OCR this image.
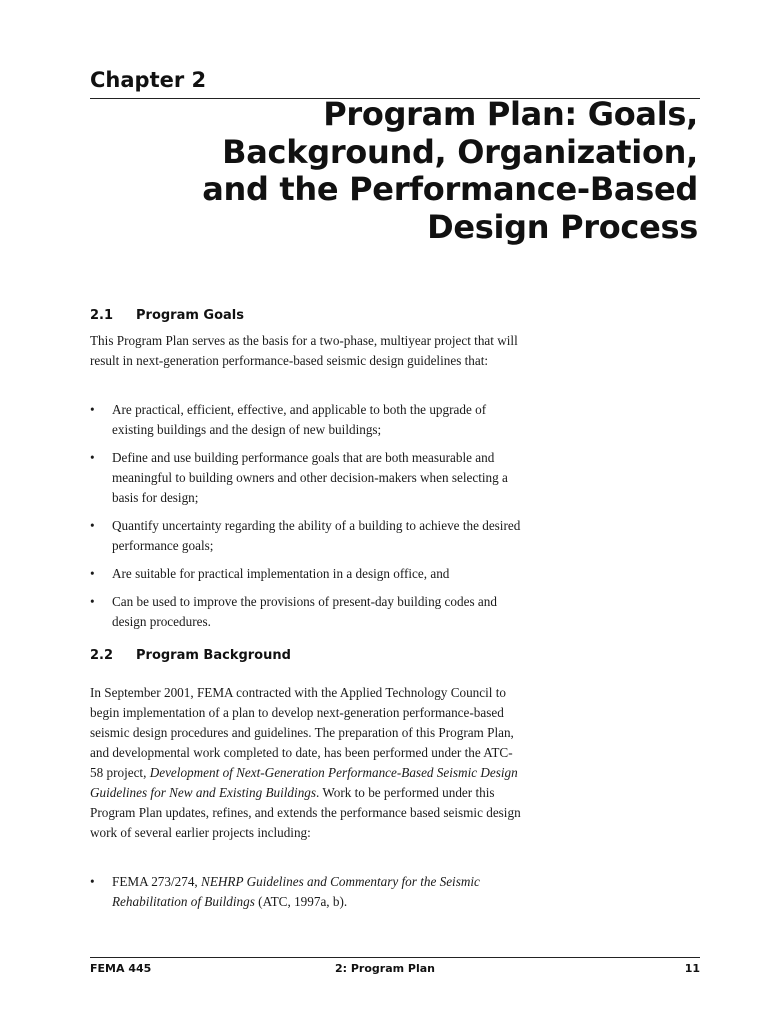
Chapter 2
Program Plan: Goals,
Background, Organization,
and the Performance-Based
Design Process
2.1 Program Goals
This Program Plan serves as the basis for a two-phase, multiyear project that will result in next-generation performance-based seismic design guidelines that:
• Are practical, efficient, effective, and applicable to both the upgrade of existing buildings and the design of new buildings;
• Define and use building performance goals that are both measurable and meaningful to building owners and other decision-makers when selecting a basis for design;
• Quantify uncertainty regarding the ability of a building to achieve the desired performance goals;
• Are suitable for practical implementation in a design office, and
• Can be used to improve the provisions of present-day building codes and design procedures.
2.2 Program Background
In September 2001, FEMA contracted with the Applied Technology Council to begin implementation of a plan to develop next-generation performance-based seismic design procedures and guidelines. The preparation of this Program Plan, and developmental work completed to date, has been performed under the ATC-58 project, Development of Next-Generation Performance-Based Seismic Design Guidelines for New and Existing Buildings. Work to be performed under this Program Plan updates, refines, and extends the performance based seismic design work of several earlier projects including:
• FEMA 273/274, NEHRP Guidelines and Commentary for the Seismic Rehabilitation of Buildings (ATC, 1997a, b).
FEMA 445	2: Program Plan	11
